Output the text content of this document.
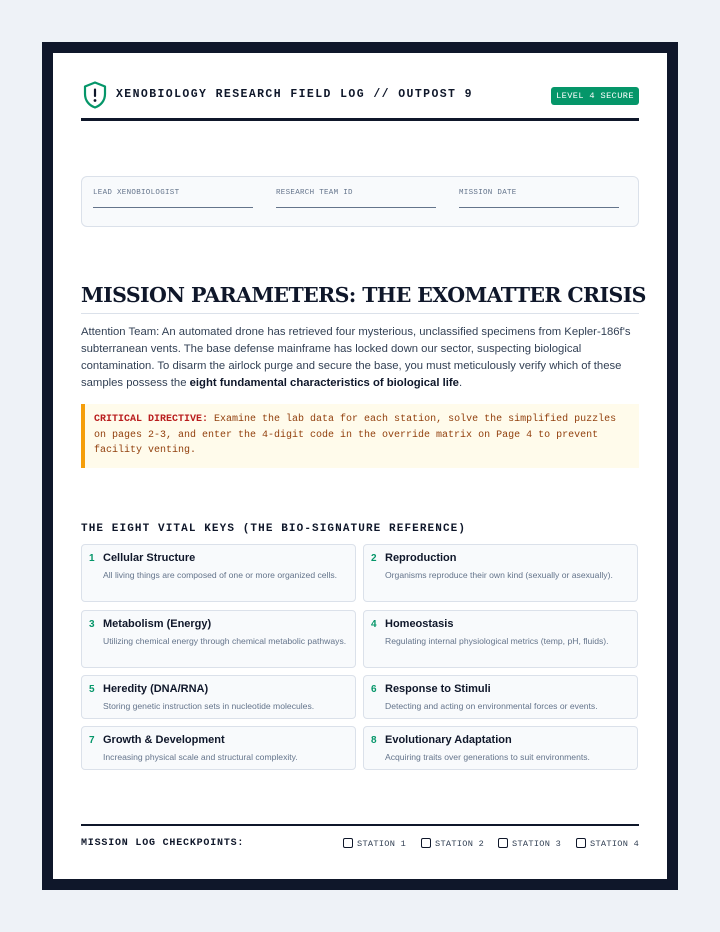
XENOBIOLOGY RESEARCH FIELD LOG // OUTPOST 9	LEVEL 4 SECURE
LEAD XENOBIOLOGIST	RESEARCH TEAM ID	MISSION DATE
MISSION PARAMETERS: THE EXOMATTER CRISIS

Attention Team: An automated drone has retrieved four mysterious, unclassified specimens from Kepler-186f's subterranean vents. The base defense mainframe has locked down our sector, suspecting biological contamination. To disarm the airlock purge and secure the base, you must meticulously verify which of these samples possess the eight fundamental characteristics of biological life.

CRITICAL DIRECTIVE: Examine the lab data for each station, solve the simplified puzzles on pages 2-3, and enter the 4-digit code in the override matrix on Page 4 to prevent facility venting.
THE EIGHT VITAL KEYS (THE BIO-SIGNATURE REFERENCE)
1 Cellular Structure
All living things are composed of one or more organized cells.
2 Reproduction
Organisms reproduce their own kind (sexually or asexually).
3 Metabolism (Energy)
Utilizing chemical energy through chemical metabolic pathways.
4 Homeostasis
Regulating internal physiological metrics (temp, pH, fluids).
5 Heredity (DNA/RNA)
Storing genetic instruction sets in nucleotide molecules.
6 Response to Stimuli
Detecting and acting on environmental forces or events.
7 Growth & Development
Increasing physical scale and structural complexity.
8 Evolutionary Adaptation
Acquiring traits over generations to suit environments.
MISSION LOG CHECKPOINTS:	STATION 1	STATION 2	STATION 3	STATION 4
